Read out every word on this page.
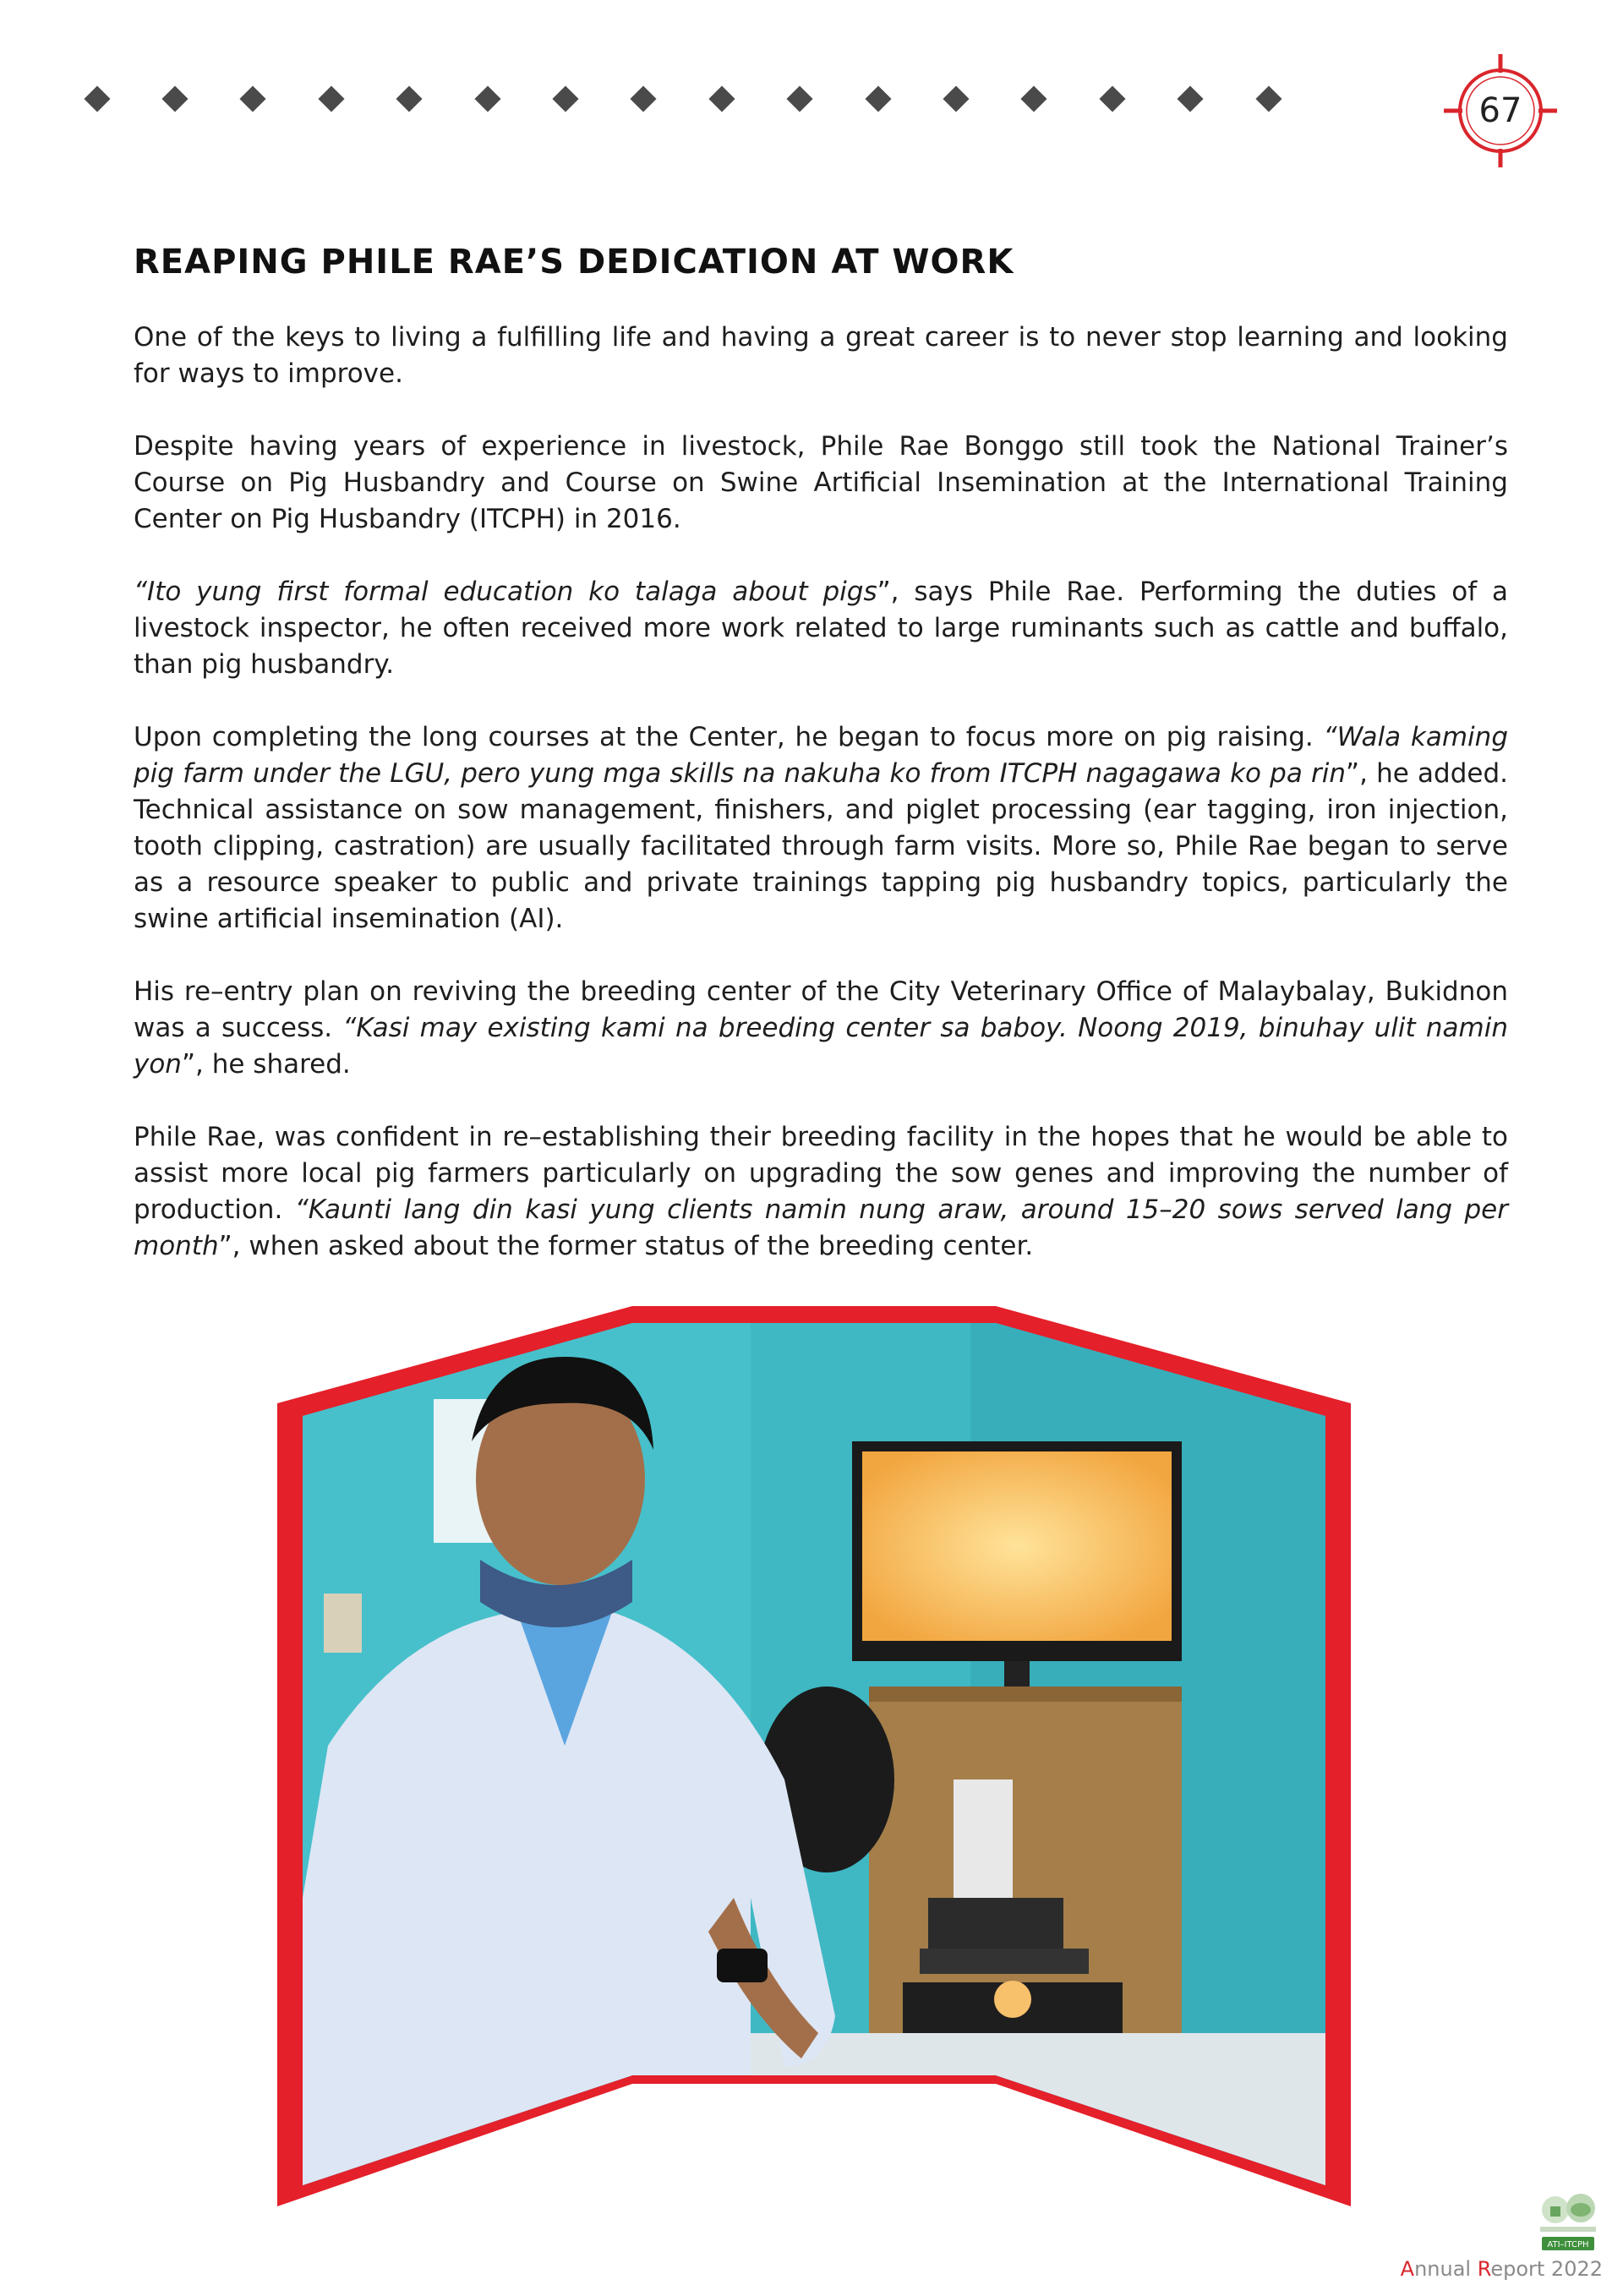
67
REAPING PHILE RAE’S DEDICATION AT WORK

One of the keys to living a fulfilling life and having a great career is to never stop learning and looking for ways to improve.

Despite having years of experience in livestock, Phile Rae Bonggo still took the National Trainer’s Course on Pig Husbandry and Course on Swine Artificial Insemination at the International Training Center on Pig Husbandry (ITCPH) in 2016.

“Ito yung first formal education ko talaga about pigs”, says Phile Rae. Performing the duties of a livestock inspector, he often received more work related to large ruminants such as cattle and buffalo, than pig husbandry.

Upon completing the long courses at the Center, he began to focus more on pig raising. “Wala kaming pig farm under the LGU, pero yung mga skills na nakuha ko from ITCPH nagagawa ko pa rin”, he added. Technical assistance on sow management, finishers, and piglet processing (ear tagging, iron injection, tooth clipping, castration) are usually facilitated through farm visits. More so, Phile Rae began to serve as a resource speaker to public and private trainings tapping pig husbandry topics, particularly the swine artificial insemination (AI).

His re–entry plan on reviving the breeding center of the City Veterinary Office of Malaybalay, Bukidnon was a success. “Kasi may existing kami na breeding center sa baboy. Noong 2019, binuhay ulit namin yon”, he shared.

Phile Rae, was confident in re–establishing their breeding facility in the hopes that he would be able to assist more local pig farmers particularly on upgrading the sow genes and improving the number of production. “Kaunti lang din kasi yung clients namin nung araw, around 15–20 sows served lang per month”, when asked about the former status of the breeding center.

ATI–ITCPH
Annual Report 2022
